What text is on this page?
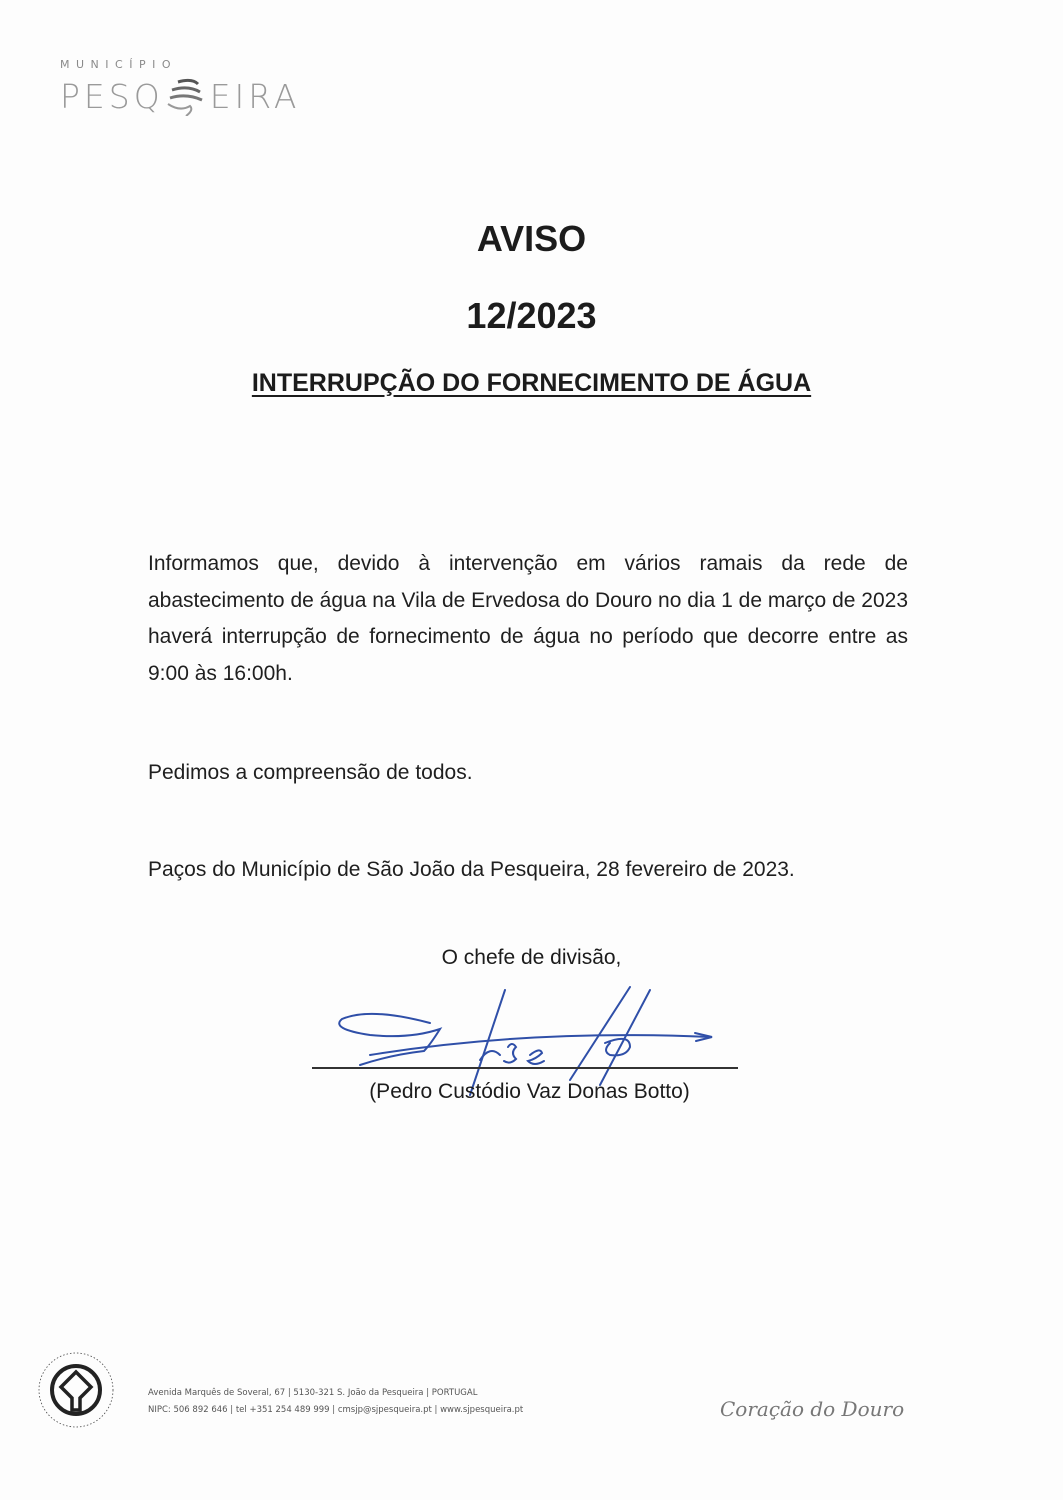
MUNICÍPIO
PESQ EIRA
AVISO
12/2023
INTERRUPÇÃO DO FORNECIMENTO DE ÁGUA
Informamos que, devido à intervenção em vários ramais da rede de abastecimento de água na Vila de Ervedosa do Douro no dia 1 de março de 2023 haverá interrupção de fornecimento de água no período que decorre entre as 9:00 às 16:00h.
Pedimos a compreensão de todos.
Paços do Município de São João da Pesqueira, 28 fevereiro de 2023.
O chefe de divisão,
(Pedro Custódio Vaz Donas Botto)
Avenida Marquês de Soveral, 67 | 5130-321 S. João da Pesqueira | PORTUGAL
NIPC: 506 892 646 | tel +351 254 489 999 | cmsjp@sjpesqueira.pt | www.sjpesqueira.pt	Coração do Douro
